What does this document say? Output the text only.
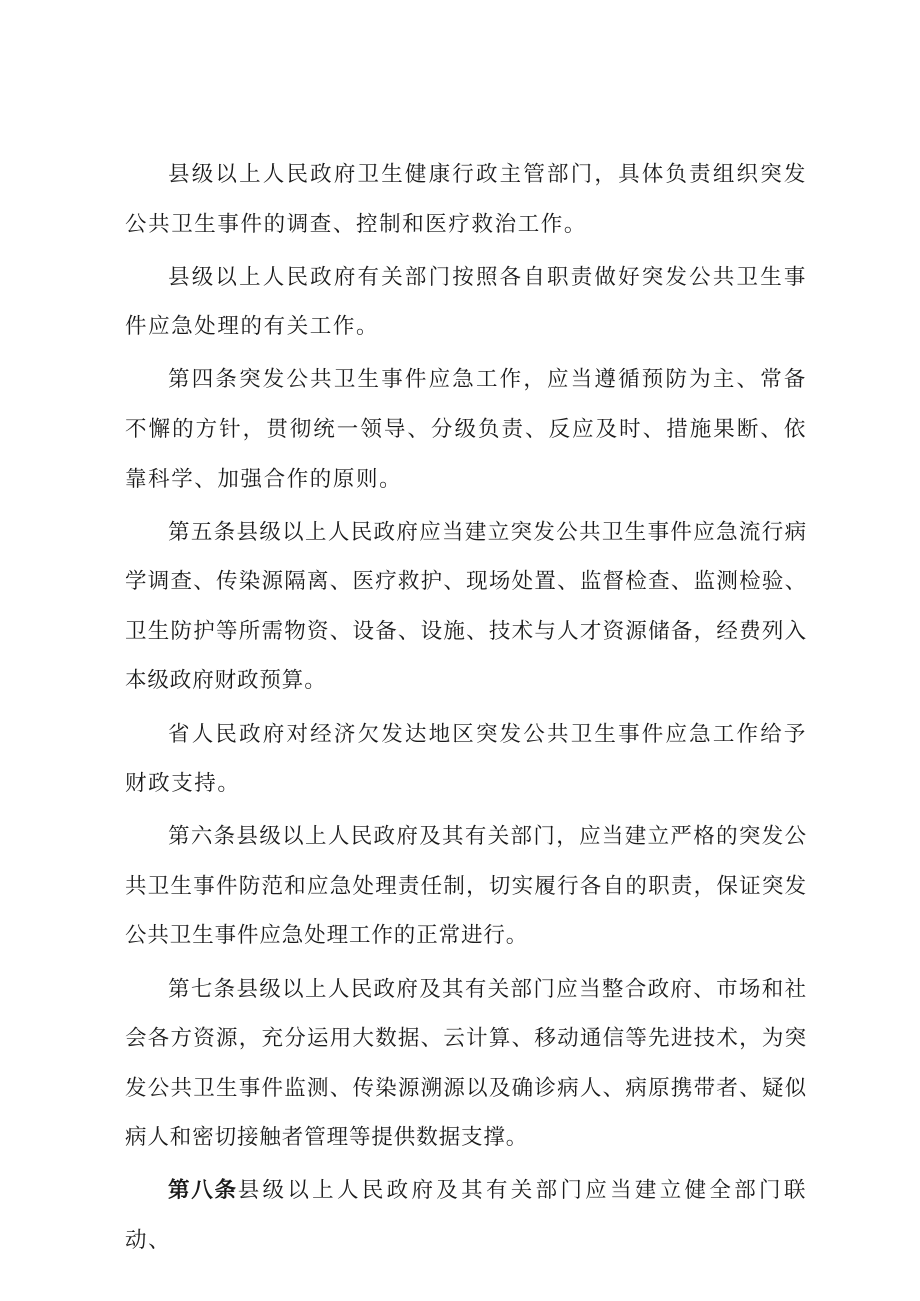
县级以上人民政府卫生健康行政主管部门，具体负责组织突发公共卫生事件的调查、控制和医疗救治工作。

县级以上人民政府有关部门按照各自职责做好突发公共卫生事件应急处理的有关工作。

第四条突发公共卫生事件应急工作，应当遵循预防为主、常备不懈的方针，贯彻统一领导、分级负责、反应及时、措施果断、依靠科学、加强合作的原则。

第五条县级以上人民政府应当建立突发公共卫生事件应急流行病学调查、传染源隔离、医疗救护、现场处置、监督检查、监测检验、卫生防护等所需物资、设备、设施、技术与人才资源储备，经费列入本级政府财政预算。

省人民政府对经济欠发达地区突发公共卫生事件应急工作给予财政支持。

第六条县级以上人民政府及其有关部门，应当建立严格的突发公共卫生事件防范和应急处理责任制，切实履行各自的职责，保证突发公共卫生事件应急处理工作的正常进行。

第七条县级以上人民政府及其有关部门应当整合政府、市场和社会各方资源，充分运用大数据、云计算、移动通信等先进技术，为突发公共卫生事件监测、传染源溯源以及确诊病人、病原携带者、疑似病人和密切接触者管理等提供数据支撑。

第八条县级以上人民政府及其有关部门应当建立健全部门联动、
